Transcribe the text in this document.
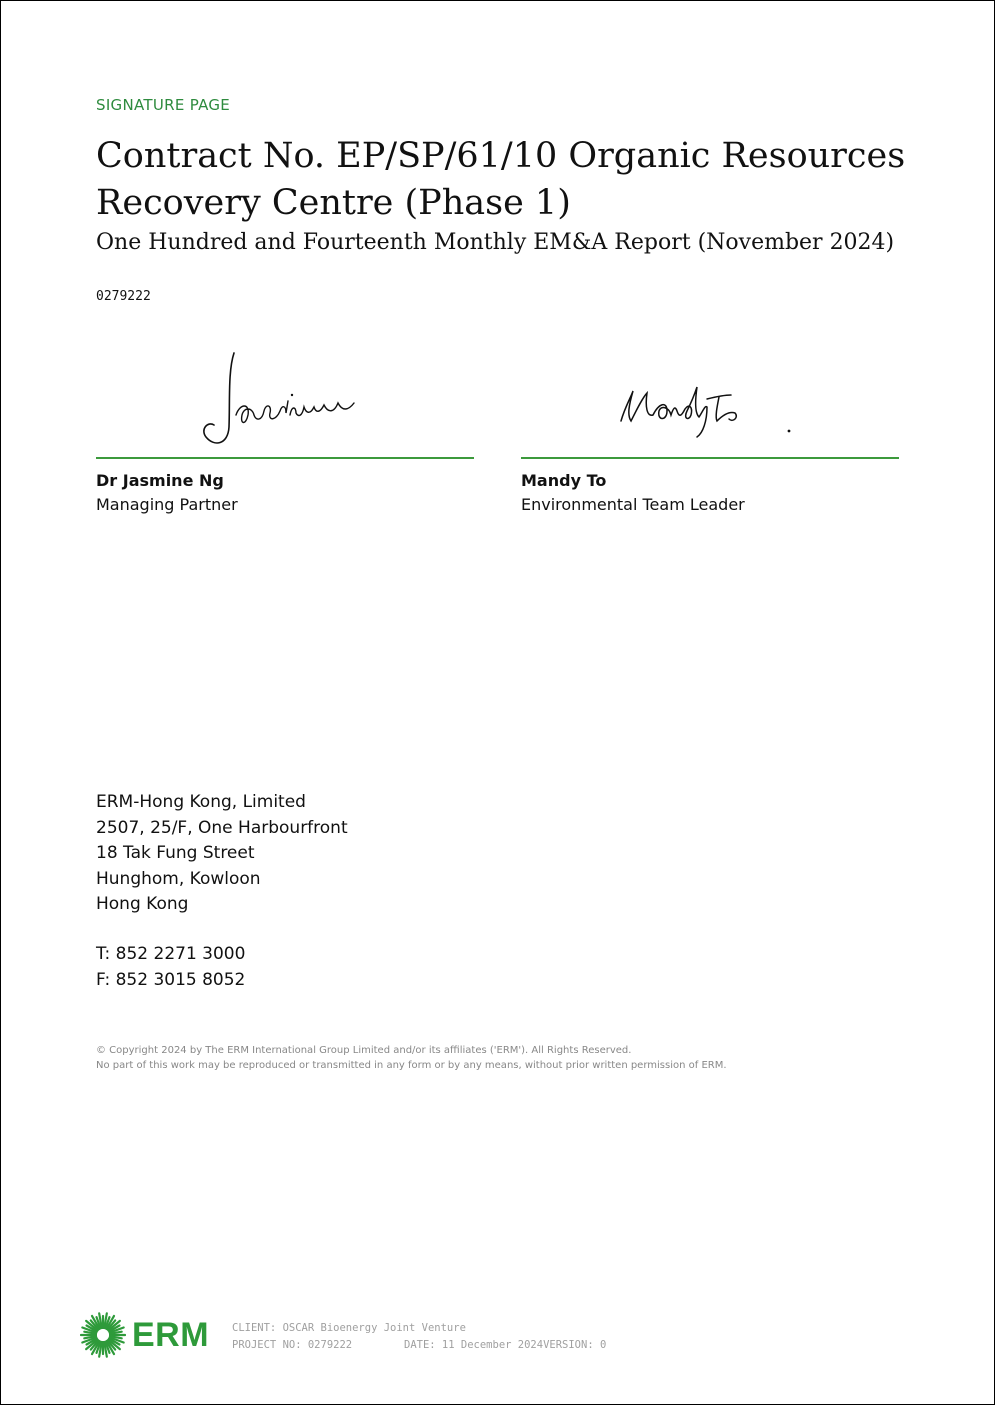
SIGNATURE PAGE
Contract No. EP/SP/61/10 Organic Resources Recovery Centre (Phase 1)
One Hundred and Fourteenth Monthly EM&A Report (November 2024)
0279222
Dr Jasmine Ng
Managing Partner
Mandy To
Environmental Team Leader
ERM-Hong Kong, Limited
2507, 25/F, One Harbourfront
18 Tak Fung Street
Hunghom, Kowloon
Hong Kong
T: 852 2271 3000
F: 852 3015 8052
© Copyright 2024 by The ERM International Group Limited and/or its affiliates ('ERM'). All Rights Reserved.
No part of this work may be reproduced or transmitted in any form or by any means, without prior written permission of ERM.
ERM CLIENT: OSCAR Bioenergy Joint Venture
PROJECT NO: 0279222	DATE: 11 December 2024VERSION: 0
